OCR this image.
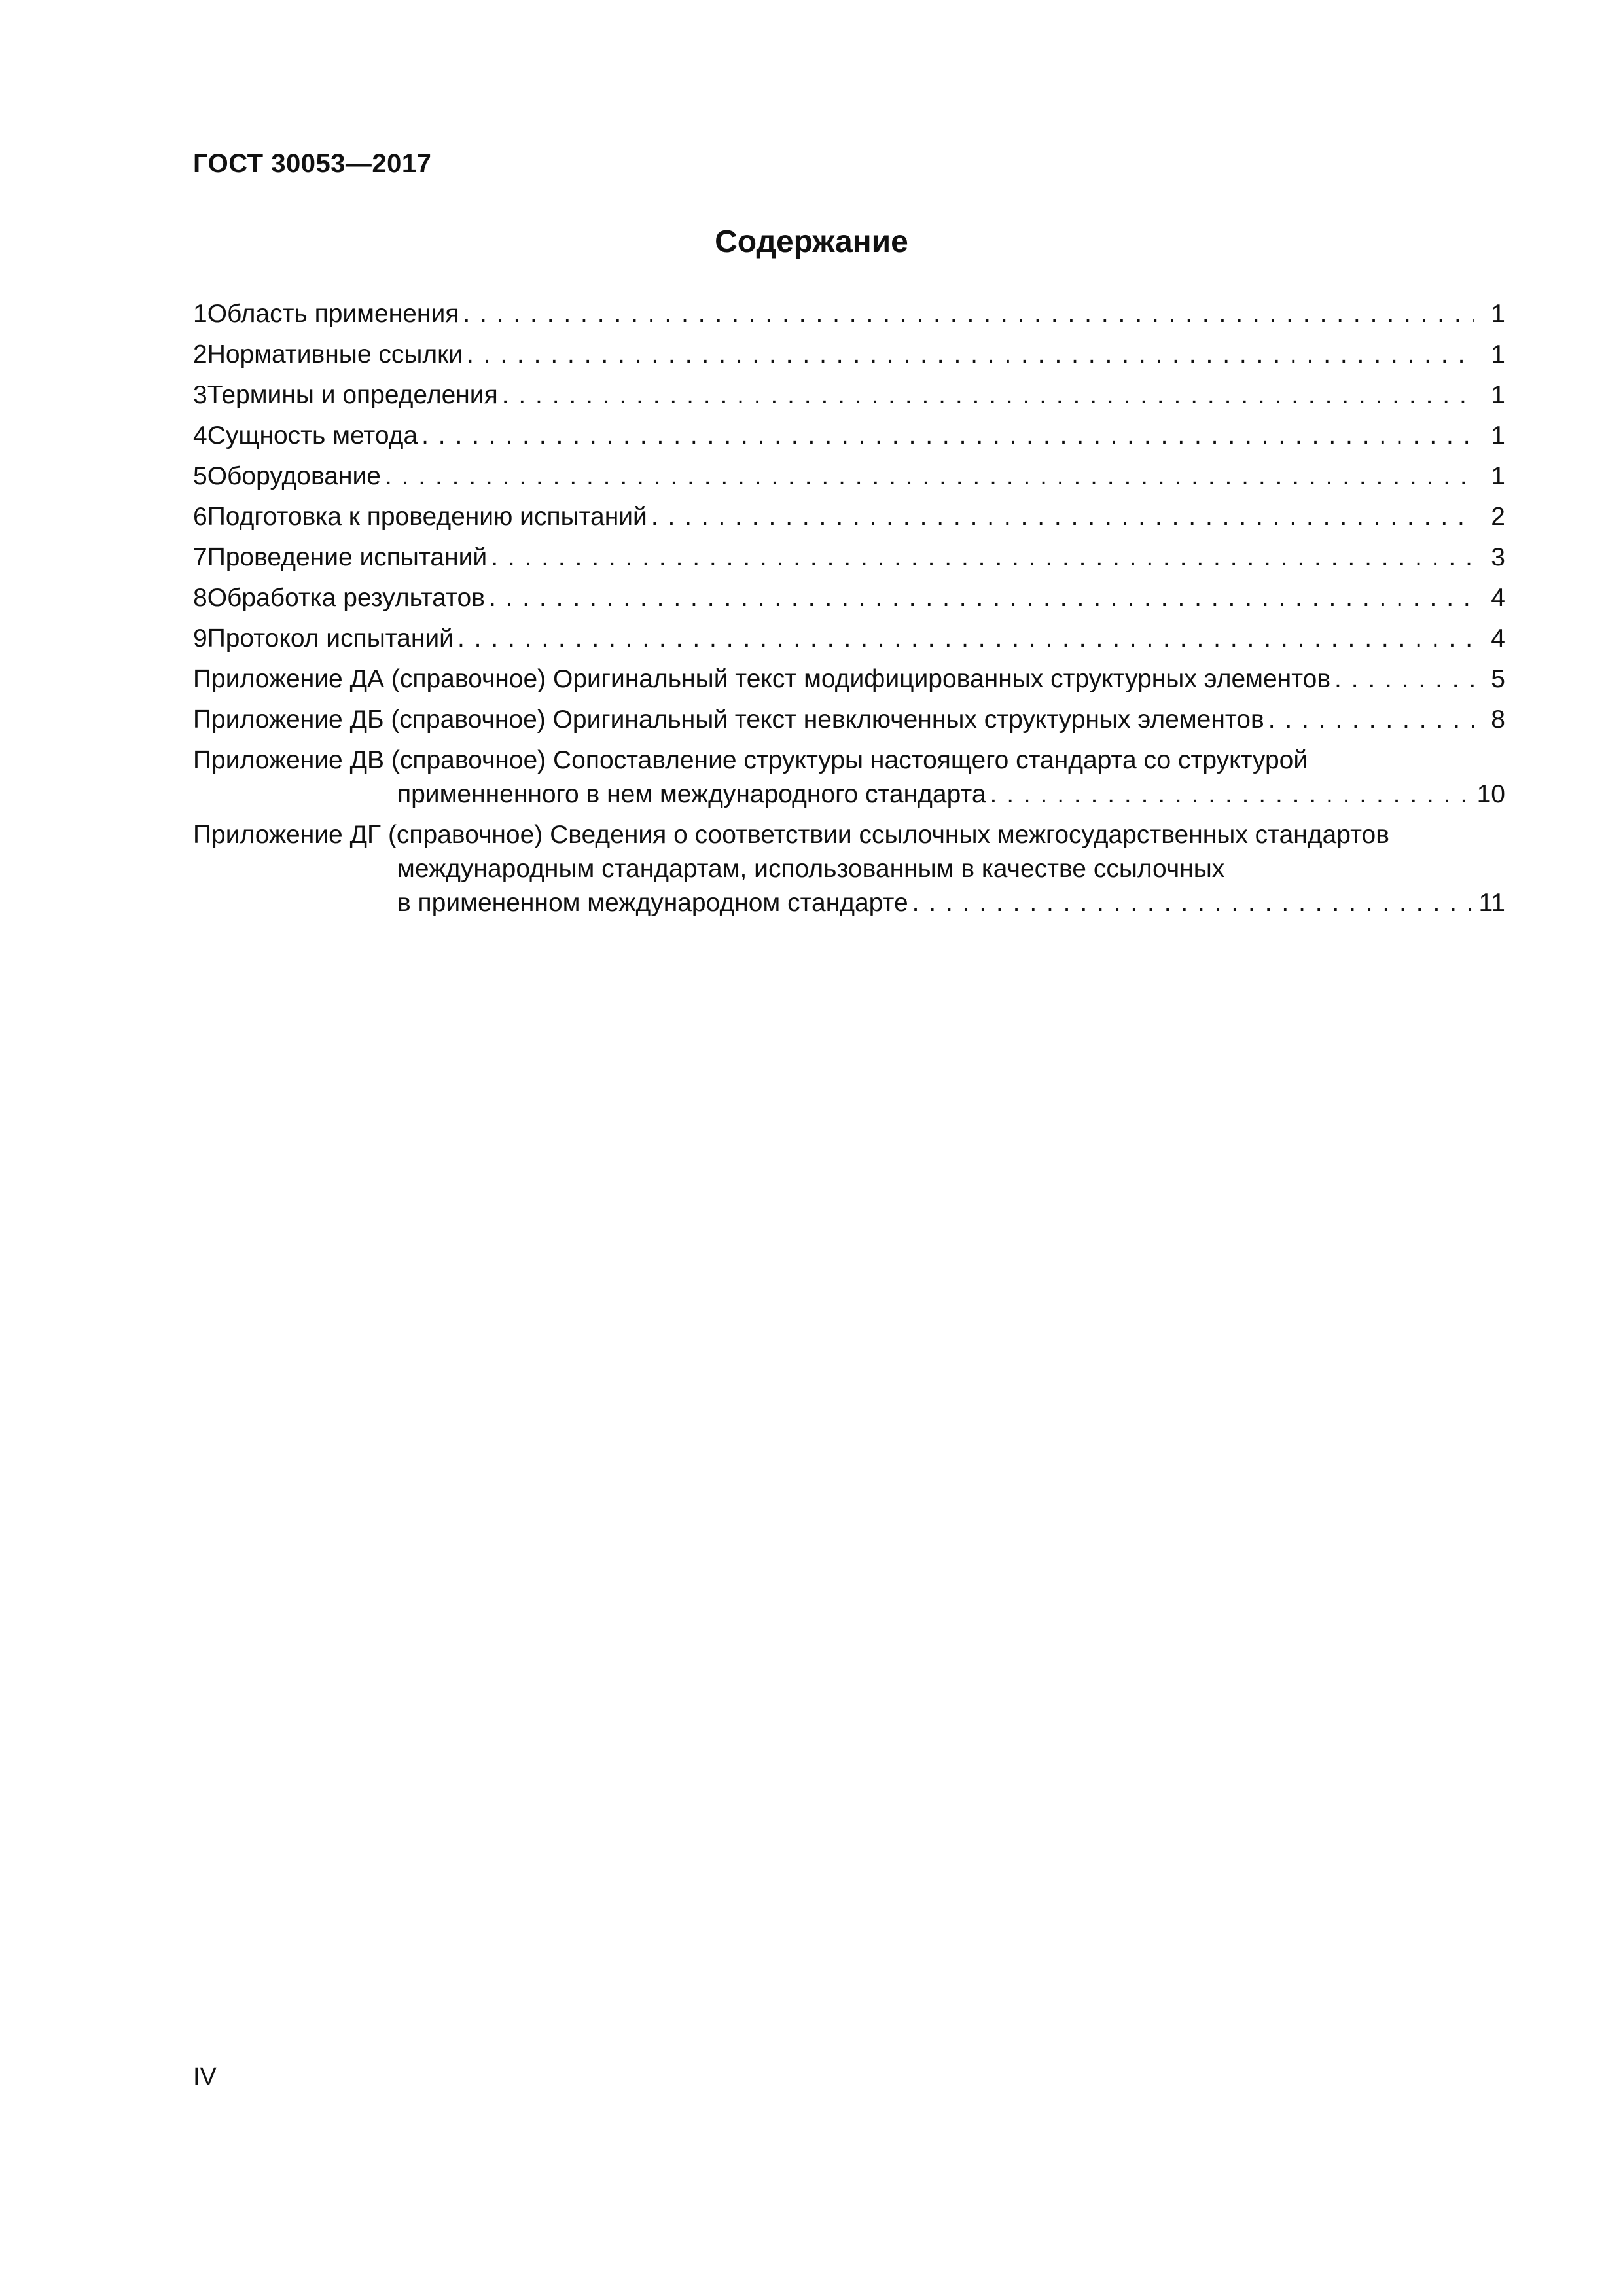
ГОСТ 30053—2017
Содержание
1 Область применения . . .	1
2 Нормативные ссылки . . .	1
3 Термины и определения . . .	1
4 Сущность метода . . .	1
5 Оборудование . . .	1
6 Подготовка к проведению испытаний . . .	2
7 Проведение испытаний . . .	3
8 Обработка результатов . . .	4
9 Протокол испытаний . . .	4
Приложение ДА (справочное) Оригинальный текст модифицированных структурных элементов . . .	5
Приложение ДБ (справочное) Оригинальный текст невключенных структурных элементов . . .	8
Приложение ДВ (справочное) Сопоставление структуры настоящего стандарта со структурой
применненного в нем международного стандарта . . .	10
Приложение ДГ (справочное) Сведения о соответствии ссылочных межгосударственных стандартов
международным стандартам, использованным в качестве ссылочных
в примененном международном стандарте . . .	11
IV
